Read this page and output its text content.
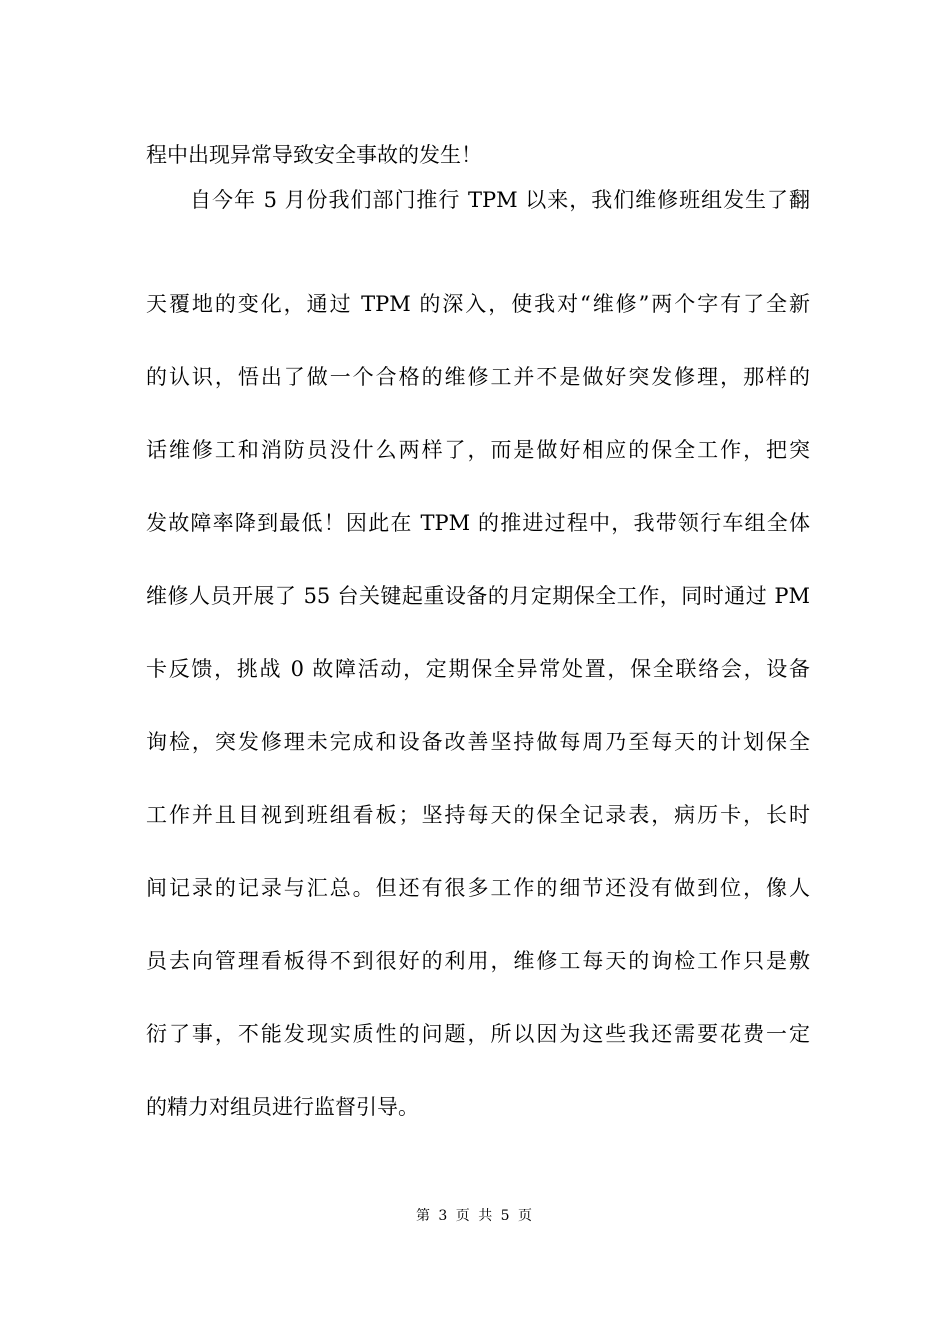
程中出现异常导致安全事故的发生！
自今年 5 月份我们部门推行 TPM 以来，我们维修班组发生了翻
天覆地的变化，通过 TPM 的深入，使我对“维修”两个字有了全新
的认识，悟出了做一个合格的维修工并不是做好突发修理，那样的
话维修工和消防员没什么两样了，而是做好相应的保全工作，把突
发故障率降到最低！因此在 TPM 的推进过程中，我带领行车组全体
维修人员开展了 55 台关键起重设备的月定期保全工作，同时通过 PM
卡反馈，挑战 0 故障活动，定期保全异常处置，保全联络会，设备
询检，突发修理未完成和设备改善坚持做每周乃至每天的计划保全
工作并且目视到班组看板；坚持每天的保全记录表，病历卡，长时
间记录的记录与汇总。但还有很多工作的细节还没有做到位，像人
员去向管理看板得不到很好的利用，维修工每天的询检工作只是敷
衍了事，不能发现实质性的问题，所以因为这些我还需要花费一定
的精力对组员进行监督引导。
第 3 页 共 5 页
